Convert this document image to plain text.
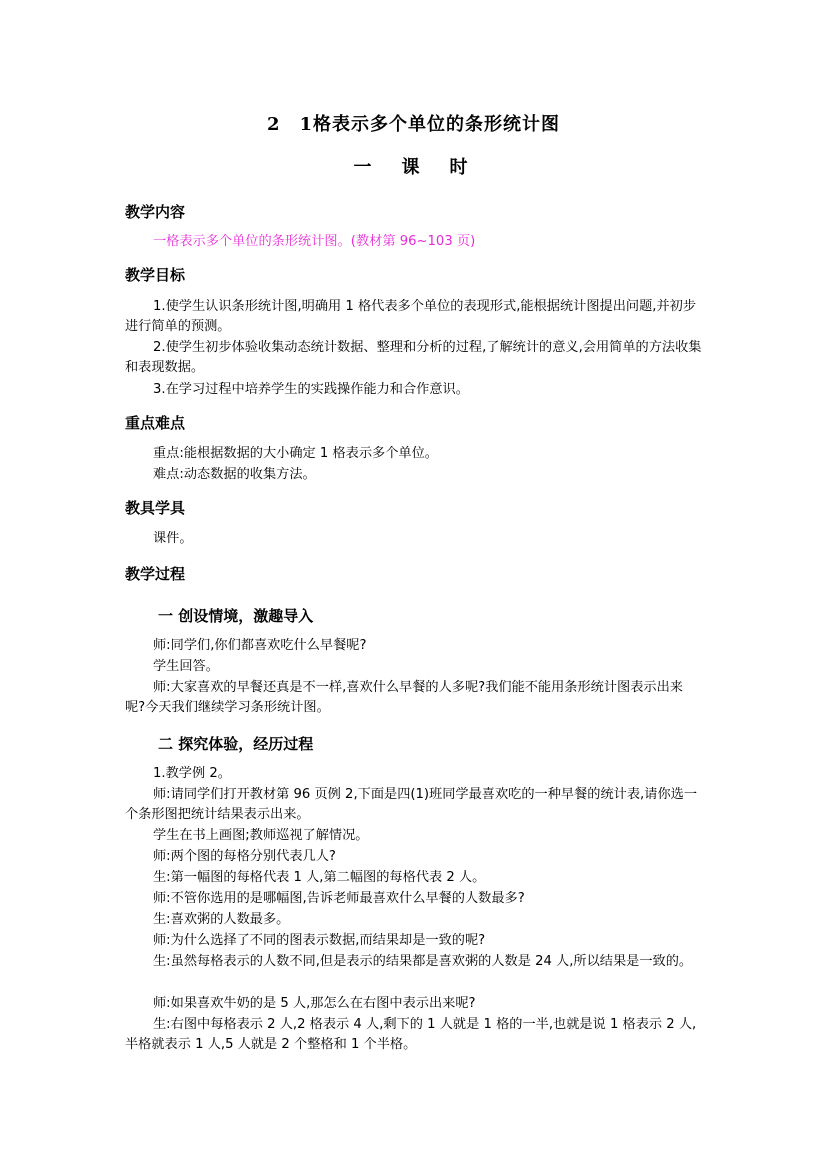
2　1格表示多个单位的条形统计图
一　课　时
教学内容

一格表示多个单位的条形统计图。(教材第 96~103 页)

教学目标

1.使学生认识条形统计图,明确用 1 格代表多个单位的表现形式,能根据统计图提出问题,并初步进行简单的预测。

2.使学生初步体验收集动态统计数据、整理和分析的过程,了解统计的意义,会用简单的方法收集和表现数据。

3.在学习过程中培养学生的实践操作能力和合作意识。

重点难点

重点:能根据数据的大小确定 1 格表示多个单位。

难点:动态数据的收集方法。

教具学具

课件。

教学过程
一 创设情境，激趣导入

师:同学们,你们都喜欢吃什么早餐呢?

学生回答。

师:大家喜欢的早餐还真是不一样,喜欢什么早餐的人多呢?我们能不能用条形统计图表示出来呢?今天我们继续学习条形统计图。

二 探究体验，经历过程

1.教学例 2。

师:请同学们打开教材第 96 页例 2,下面是四(1)班同学最喜欢吃的一种早餐的统计表,请你选一个条形图把统计结果表示出来。

学生在书上画图;教师巡视了解情况。

师:两个图的每格分别代表几人?

生:第一幅图的每格代表 1 人,第二幅图的每格代表 2 人。

师:不管你选用的是哪幅图,告诉老师最喜欢什么早餐的人数最多?

生:喜欢粥的人数最多。

师:为什么选择了不同的图表示数据,而结果却是一致的呢?

生:虽然每格表示的人数不同,但是表示的结果都是喜欢粥的人数是 24 人,所以结果是一致的。

师:如果喜欢牛奶的是 5 人,那怎么在右图中表示出来呢?

生:右图中每格表示 2 人,2 格表示 4 人,剩下的 1 人就是 1 格的一半,也就是说 1 格表示 2 人,半格就表示 1 人,5 人就是 2 个整格和 1 个半格。
